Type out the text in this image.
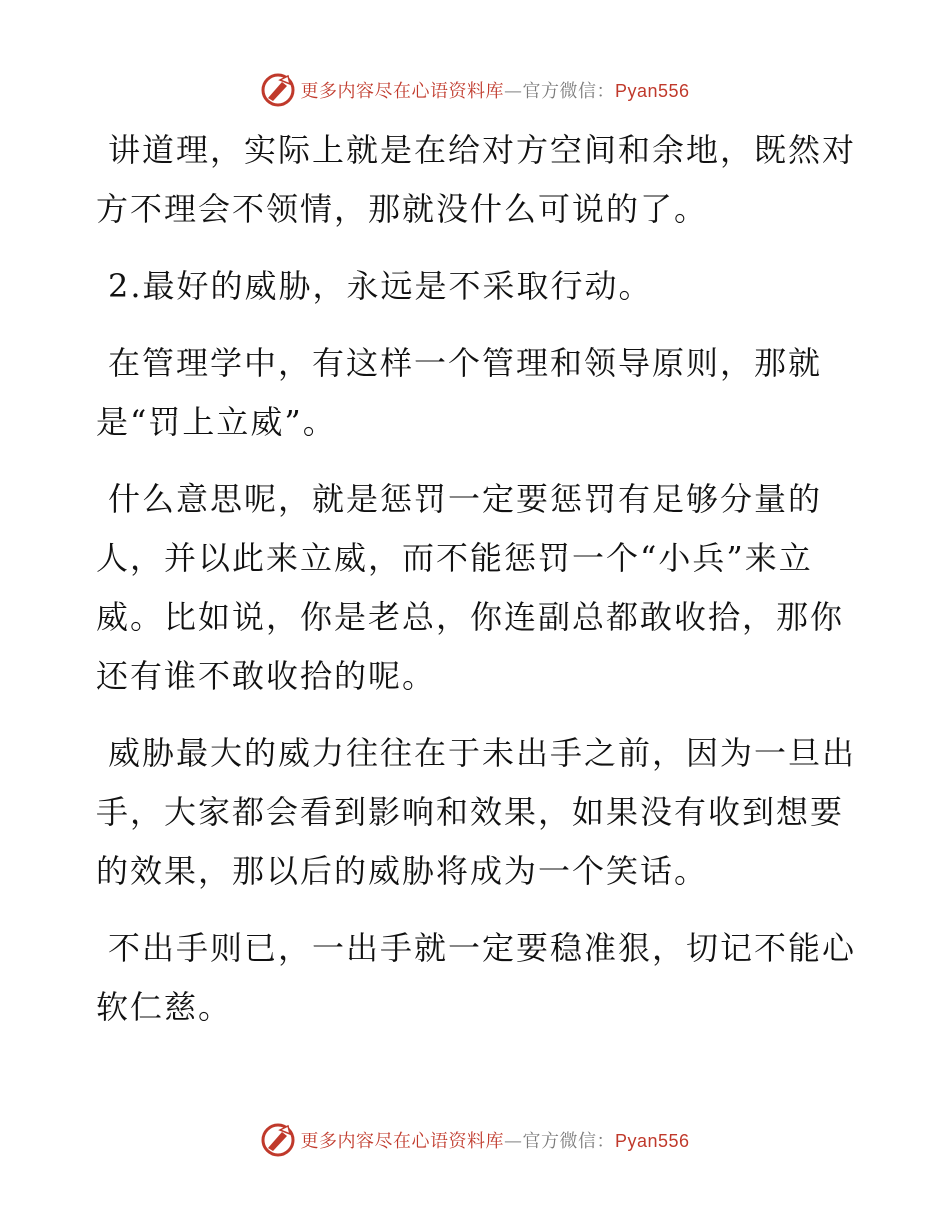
更多内容尽在心语资料库—官方微信：Pyan556

讲道理，实际上就是在给对方空间和余地，既然对方不理会不领情，那就没什么可说的了。

2.最好的威胁，永远是不采取行动。

在管理学中，有这样一个管理和领导原则，那就是“罚上立威”。

什么意思呢，就是惩罚一定要惩罚有足够分量的人，并以此来立威，而不能惩罚一个“小兵”来立威。比如说，你是老总，你连副总都敢收拾，那你还有谁不敢收拾的呢。

威胁最大的威力往往在于未出手之前，因为一旦出手，大家都会看到影响和效果，如果没有收到想要的效果，那以后的威胁将成为一个笑话。

不出手则已，一出手就一定要稳准狠，切记不能心软仁慈。

更多内容尽在心语资料库—官方微信：Pyan556
